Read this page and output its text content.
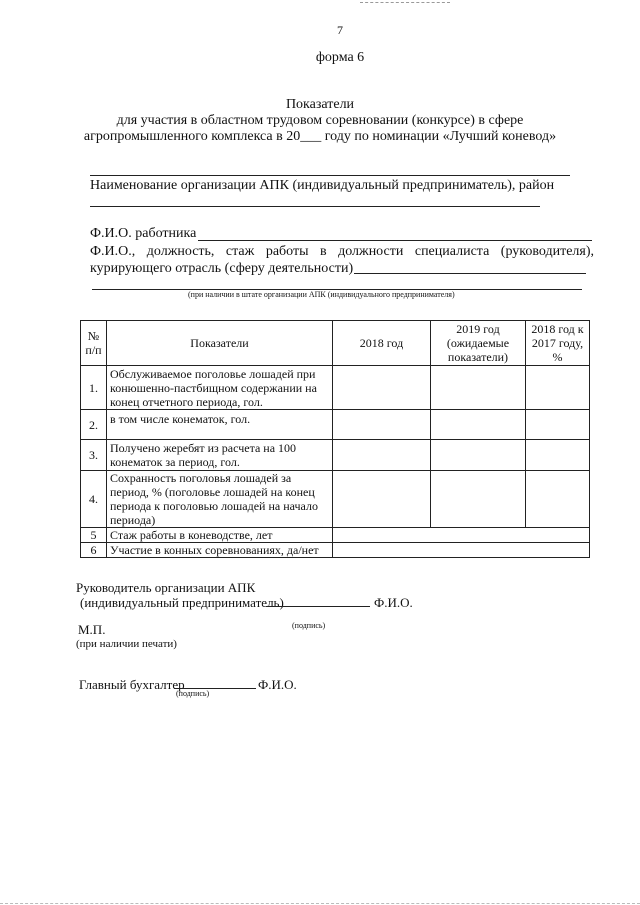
7
форма 6
Показатели
для участия в областном трудовом соревновании (конкурсе) в сфере
агропромышленного комплекса в 20___ году по номинации «Лучший коневод»
Наименование организации АПК (индивидуальный предприниматель), район
Ф.И.О. работника
Ф.И.О., должность, стаж работы в должности специалиста (руководителя),
курирующего отрасль (сферу деятельности)
(при наличии в штате организации АПК (индивидуального предпринимателя)
№ п/п	Показатели	2018 год	2019 год (ожидаемые показатели)	2018 год к 2017 году, %
1.	Обслуживаемое поголовье лошадей при конюшенно-пастбищном содержании на конец отчетного периода, гол.			
2.	в том числе конематок, гол.			
3.	Получено жеребят из расчета на 100 конематок за период, гол.			
4.	Сохранность поголовья лошадей за период, % (поголовье лошадей на конец периода к поголовью лошадей на начало периода)			
5	Стаж работы в коневодстве, лет			
6	Участие в конных соревнованиях, да/нет			
Руководитель организации АПК
(индивидуальный предприниматель)	Ф.И.О.
(подпись)
М.П.
(при наличии печати)
Главный бухгалтер	Ф.И.О.
(подпись)
